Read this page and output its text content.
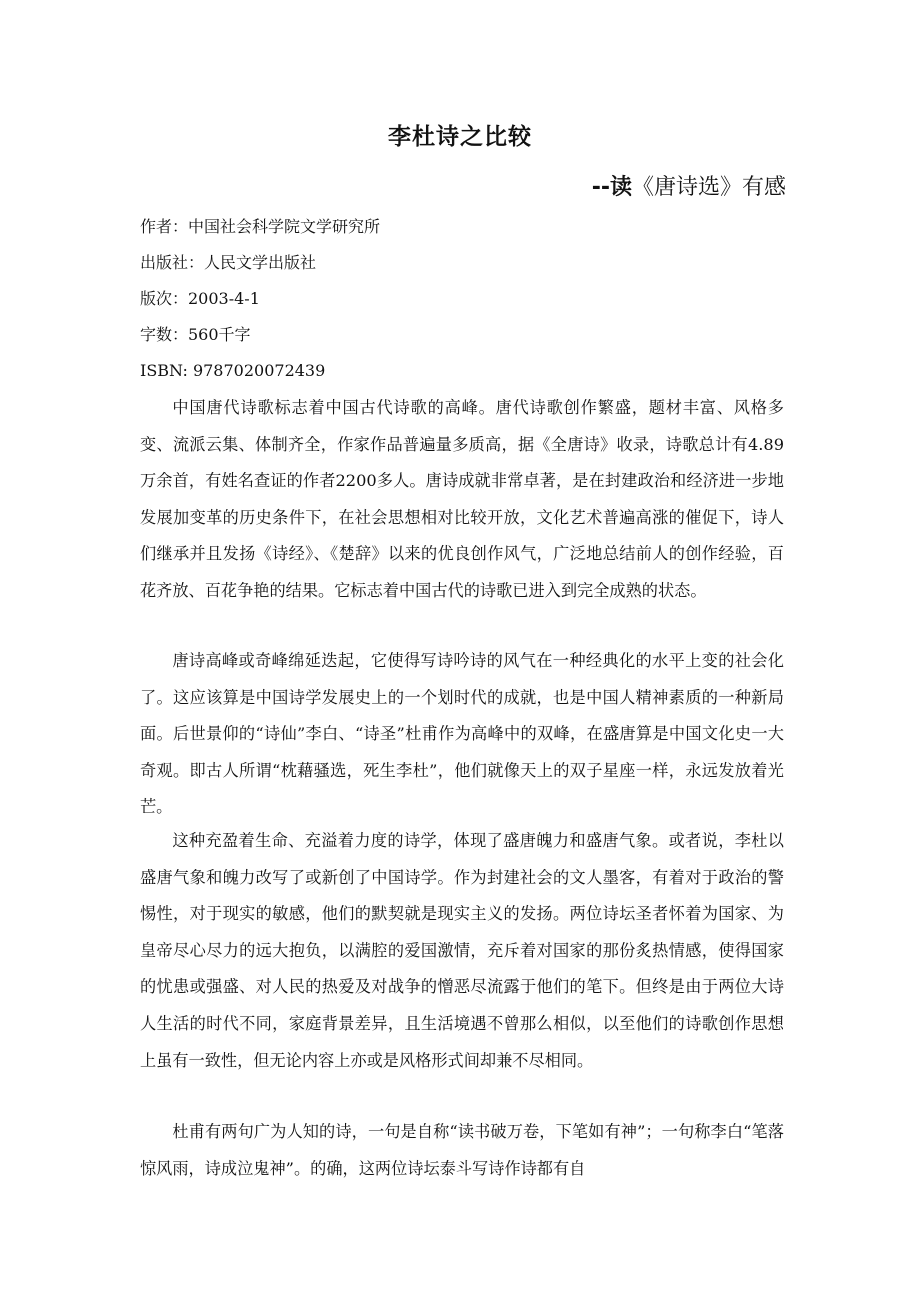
李杜诗之比较
--读《唐诗选》有感
作者：中国社会科学院文学研究所
出版社：人民文学出版社
版次：2003-4-1
字数：560千字
ISBN: 9787020072439

中国唐代诗歌标志着中国古代诗歌的高峰。唐代诗歌创作繁盛，题材丰富、风格多变、流派云集、体制齐全，作家作品普遍量多质高，据《全唐诗》收录，诗歌总计有4.89万余首，有姓名查证的作者2200多人。唐诗成就非常卓著，是在封建政治和经济进一步地发展加变革的历史条件下，在社会思想相对比较开放，文化艺术普遍高涨的催促下，诗人们继承并且发扬《诗经》、《楚辞》以来的优良创作风气，广泛地总结前人的创作经验，百花齐放、百花争艳的结果。它标志着中国古代的诗歌已进入到完全成熟的状态。

唐诗高峰或奇峰绵延迭起，它使得写诗吟诗的风气在一种经典化的水平上变的社会化了。这应该算是中国诗学发展史上的一个划时代的成就，也是中国人精神素质的一种新局面。后世景仰的“诗仙”李白、“诗圣”杜甫作为高峰中的双峰，在盛唐算是中国文化史一大奇观。即古人所谓“枕藉骚选，死生李杜”，他们就像天上的双子星座一样，永远发放着光芒。

这种充盈着生命、充溢着力度的诗学，体现了盛唐魄力和盛唐气象。或者说，李杜以盛唐气象和魄力改写了或新创了中国诗学。作为封建社会的文人墨客，有着对于政治的警惕性，对于现实的敏感，他们的默契就是现实主义的发扬。两位诗坛圣者怀着为国家、为皇帝尽心尽力的远大抱负，以满腔的爱国激情，充斥着对国家的那份炙热情感，使得国家的忧患或强盛、对人民的热爱及对战争的憎恶尽流露于他们的笔下。但终是由于两位大诗人生活的时代不同，家庭背景差异，且生活境遇不曾那么相似，以至他们的诗歌创作思想上虽有一致性，但无论内容上亦或是风格形式间却兼不尽相同。

杜甫有两句广为人知的诗，一句是自称“读书破万卷，下笔如有神”；一句称李白“笔落惊风雨，诗成泣鬼神”。的确，这两位诗坛泰斗写诗作诗都有自
